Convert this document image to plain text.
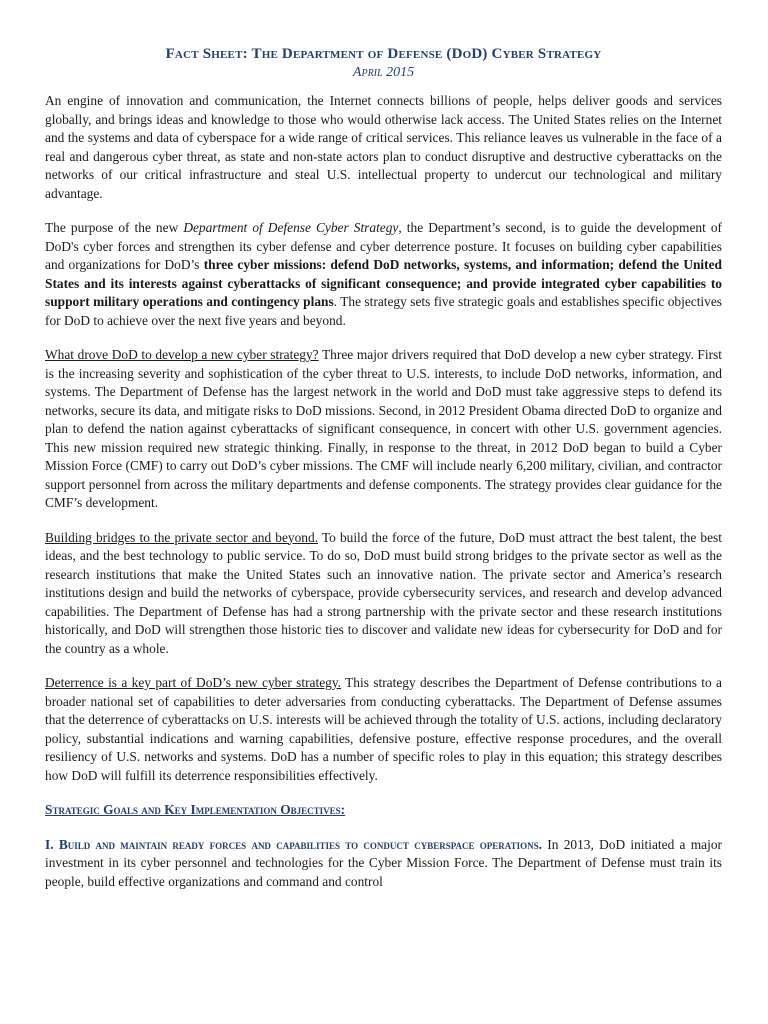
Fact Sheet: The Department of Defense (DoD) Cyber Strategy
April 2015

An engine of innovation and communication, the Internet connects billions of people, helps deliver goods and services globally, and brings ideas and knowledge to those who would otherwise lack access. The United States relies on the Internet and the systems and data of cyberspace for a wide range of critical services. This reliance leaves us vulnerable in the face of a real and dangerous cyber threat, as state and non-state actors plan to conduct disruptive and destructive cyberattacks on the networks of our critical infrastructure and steal U.S. intellectual property to undercut our technological and military advantage.

The purpose of the new Department of Defense Cyber Strategy, the Department’s second, is to guide the development of DoD's cyber forces and strengthen its cyber defense and cyber deterrence posture. It focuses on building cyber capabilities and organizations for DoD’s three cyber missions: defend DoD networks, systems, and information; defend the United States and its interests against cyberattacks of significant consequence; and provide integrated cyber capabilities to support military operations and contingency plans. The strategy sets five strategic goals and establishes specific objectives for DoD to achieve over the next five years and beyond.

What drove DoD to develop a new cyber strategy? Three major drivers required that DoD develop a new cyber strategy. First is the increasing severity and sophistication of the cyber threat to U.S. interests, to include DoD networks, information, and systems. The Department of Defense has the largest network in the world and DoD must take aggressive steps to defend its networks, secure its data, and mitigate risks to DoD missions. Second, in 2012 President Obama directed DoD to organize and plan to defend the nation against cyberattacks of significant consequence, in concert with other U.S. government agencies. This new mission required new strategic thinking. Finally, in response to the threat, in 2012 DoD began to build a Cyber Mission Force (CMF) to carry out DoD’s cyber missions. The CMF will include nearly 6,200 military, civilian, and contractor support personnel from across the military departments and defense components. The strategy provides clear guidance for the CMF’s development.

Building bridges to the private sector and beyond. To build the force of the future, DoD must attract the best talent, the best ideas, and the best technology to public service. To do so, DoD must build strong bridges to the private sector as well as the research institutions that make the United States such an innovative nation. The private sector and America’s research institutions design and build the networks of cyberspace, provide cybersecurity services, and research and develop advanced capabilities. The Department of Defense has had a strong partnership with the private sector and these research institutions historically, and DoD will strengthen those historic ties to discover and validate new ideas for cybersecurity for DoD and for the country as a whole.

Deterrence is a key part of DoD’s new cyber strategy. This strategy describes the Department of Defense contributions to a broader national set of capabilities to deter adversaries from conducting cyberattacks. The Department of Defense assumes that the deterrence of cyberattacks on U.S. interests will be achieved through the totality of U.S. actions, including declaratory policy, substantial indications and warning capabilities, defensive posture, effective response procedures, and the overall resiliency of U.S. networks and systems. DoD has a number of specific roles to play in this equation; this strategy describes how DoD will fulfill its deterrence responsibilities effectively.

Strategic Goals and Key Implementation Objectives:

I. Build and maintain ready forces and capabilities to conduct cyberspace operations. In 2013, DoD initiated a major investment in its cyber personnel and technologies for the Cyber Mission Force. The Department of Defense must train its people, build effective organizations and command and control
